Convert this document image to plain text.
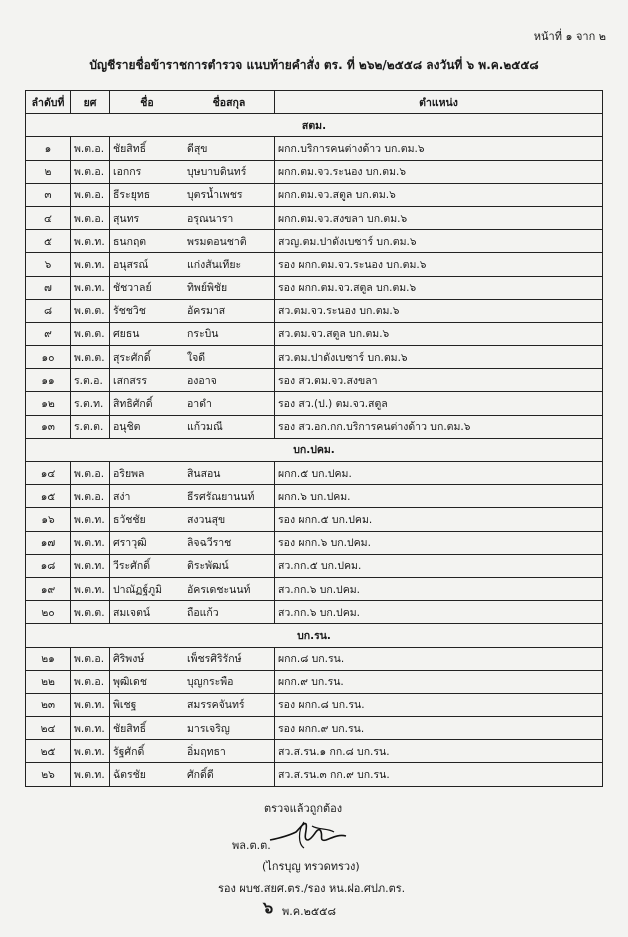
หน้าที่ ๑ จาก ๒
บัญชีรายชื่อข้าราชการตำรวจ แนบท้ายคำสั่ง ตร. ที่ ๒๖๒/๒๕๕๘ ลงวันที่ ๖ พ.ค.๒๕๕๘
ลำดับที่	ยศ	ชื่อ	ชื่อสกุล	ตำแหน่ง
สตม.				
๑	พ.ต.อ.	ชัยสิทธิ์	ดีสุข	ผกก.บริการคนต่างด้าว บก.ตม.๖
๒	พ.ต.อ.	เอกกร	บุษบาบดินทร์	ผกก.ตม.จว.ระนอง บก.ตม.๖
๓	พ.ต.อ.	ธีระยุทธ	บุตรน้ำเพชร	ผกก.ตม.จว.สตูล บก.ตม.๖
๔	พ.ต.อ.	สุนทร	อรุณนารา	ผกก.ตม.จว.สงขลา บก.ตม.๖
๕	พ.ต.ท.	ธนกฤต	พรมดอนชาติ	สวญ.ตม.ปาดังเบซาร์ บก.ตม.๖
๖	พ.ต.ท.	อนุสรณ์	แก่งสันเทียะ	รอง ผกก.ตม.จว.ระนอง บก.ตม.๖
๗	พ.ต.ท.	ชัชวาลย์	ทิพย์พิชัย	รอง ผกก.ตม.จว.สตูล บก.ตม.๖
๘	พ.ต.ต.	รัชชวิช	อัครมาส	สว.ตม.จว.ระนอง บก.ตม.๖
๙	พ.ต.ต.	ศยธน	กระบิน	สว.ตม.จว.สตูล บก.ตม.๖
๑๐	พ.ต.ต.	สุระศักดิ์	ใจดี	สว.ตม.ปาดังเบซาร์ บก.ตม.๖
๑๑	ร.ต.อ.	เสกสรร	องอาจ	รอง สว.ตม.จว.สงขลา
๑๒	ร.ต.ท.	สิทธิศักดิ์	อาดำ	รอง สว.(ป.) ตม.จว.สตูล
๑๓	ร.ต.ต.	อนุชิต	แก้วมณี	รอง สว.อก.กก.บริการคนต่างด้าว บก.ตม.๖
บก.ปคม.				
๑๔	พ.ต.อ.	อริยพล	สินสอน	ผกก.๕ บก.ปคม.
๑๕	พ.ต.อ.	สง่า	ธีรศรัณยานนท์	ผกก.๖ บก.ปคม.
๑๖	พ.ต.ท.	ธวัชชัย	สงวนสุข	รอง ผกก.๕ บก.ปคม.
๑๗	พ.ต.ท.	ศราวุฒิ	ลิจฉวีราช	รอง ผกก.๖ บก.ปคม.
๑๘	พ.ต.ท.	วีระศักดิ์	ติระพัฒน์	สว.กก.๕ บก.ปคม.
๑๙	พ.ต.ท.	ปาณัฏฐ์ภูมิ	อัครเดชะนนท์	สว.กก.๖ บก.ปคม.
๒๐	พ.ต.ต.	สมเจตน์	ถือแก้ว	สว.กก.๖ บก.ปคม.
บก.รน.				
๒๑	พ.ต.อ.	ศิริพงษ์	เพ็ชรศิริรักษ์	ผกก.๘ บก.รน.
๒๒	พ.ต.อ.	พุฒิเดช	บุญกระพือ	ผกก.๙ บก.รน.
๒๓	พ.ต.ท.	พิเชฐ	สมรรคจันทร์	รอง ผกก.๘ บก.รน.
๒๔	พ.ต.ท.	ชัยสิทธิ์	มารเจริญ	รอง ผกก.๙ บก.รน.
๒๕	พ.ต.ท.	รัฐศักดิ์	อิ่มฤทธา	สว.ส.รน.๑ กก.๘ บก.รน.
๒๖	พ.ต.ท.	ฉัตรชัย	ศักดิ์ดี	สว.ส.รน.๓ กก.๙ บก.รน.
ตรวจแล้วถูกต้อง
พล.ต.ต.
(ไกรบุญ ทรวดทรวง)
รอง ผบช.สยศ.ตร./รอง หน.ฝอ.ศปภ.ตร.
๖ พ.ค.๒๕๕๘
